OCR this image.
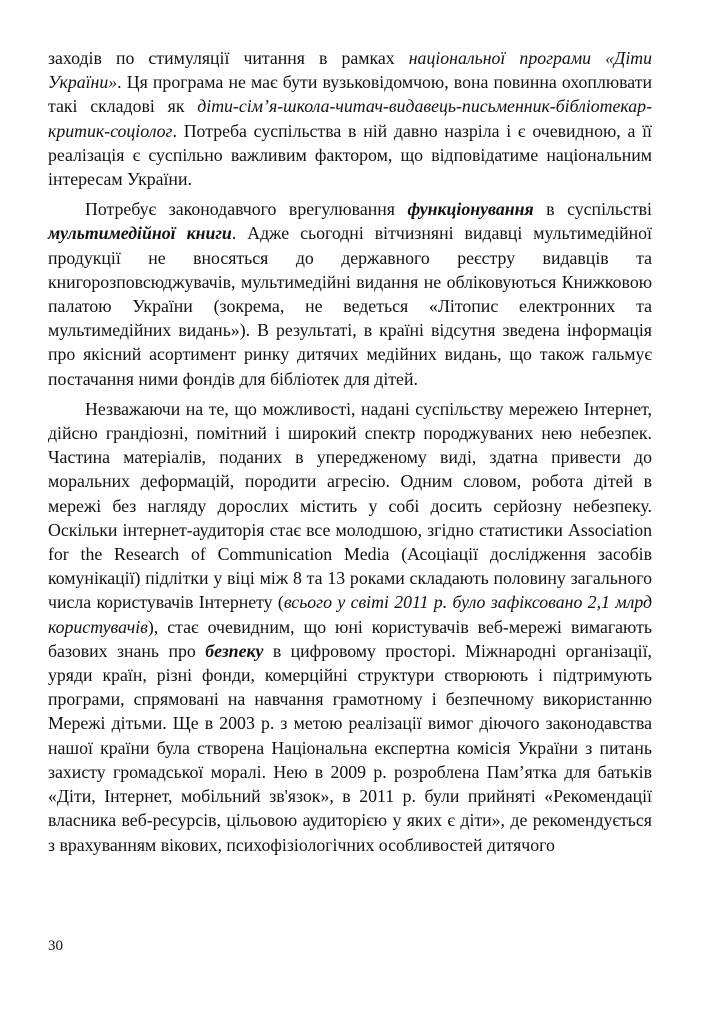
заходів по стимуляції читання в рамках національної програми «Діти України». Ця програма не має бути вузьковідомчою, вона повинна охоплювати такі складові як діти-сім’я-школа-читач-видавець-письменник-бібліотекар-критик-соціолог. Потреба суспільства в ній давно назріла і є очевидною, а її реалізація є суспільно важливим фактором, що відповідатиме національним інтересам України.

Потребує законодавчого врегулювання функціонування в суспільстві мультимедійної книги. Адже сьогодні вітчизняні видавці мультимедійної продукції не вносяться до державного реєстру видавців та книгорозповсюджувачів, мультимедійні видання не обліковуються Книжковою палатою України (зокрема, не ведеться «Літопис електронних та мультимедійних видань»). В результаті, в країні відсутня зведена інформація про якісний асортимент ринку дитячих медійних видань, що також гальмує постачання ними фондів для бібліотек для дітей.

Незважаючи на те, що можливості, надані суспільству мережею Інтернет, дійсно грандіозні, помітний і широкий спектр породжуваних нею небезпек. Частина матеріалів, поданих в упередженому виді, здатна привести до моральних деформацій, породити агресію. Одним словом, робота дітей в мережі без нагляду дорослих містить у собі досить серйозну небезпеку. Оскільки інтернет-аудиторія стає все молодшою, згідно статистики Association for the Research of Communication Media (Асоціації дослідження засобів комунікації) підлітки у віці між 8 та 13 роками складають половину загального числа користувачів Інтернету (всього у світі 2011 р. було зафіксовано 2,1 млрд користувачів), стає очевидним, що юні користувачів веб-мережі вимагають базових знань про безпеку в цифровому просторі. Міжнародні організації, уряди країн, різні фонди, комерційні структури створюють і підтримують програми, спрямовані на навчання грамотному і безпечному використанню Мережі дітьми. Ще в 2003 р. з метою реалізації вимог діючого законодавства нашої країни була створена Національна експертна комісія України з питань захисту громадської моралі. Нею в 2009 р. розроблена Пам’ятка для батьків «Діти, Інтернет, мобільний зв'язок», в 2011 р. були прийняті «Рекомендації власника веб-ресурсів, цільовою аудиторією у яких є діти», де рекомендується з врахуванням вікових, психофізіологічних особливостей дитячого

30
